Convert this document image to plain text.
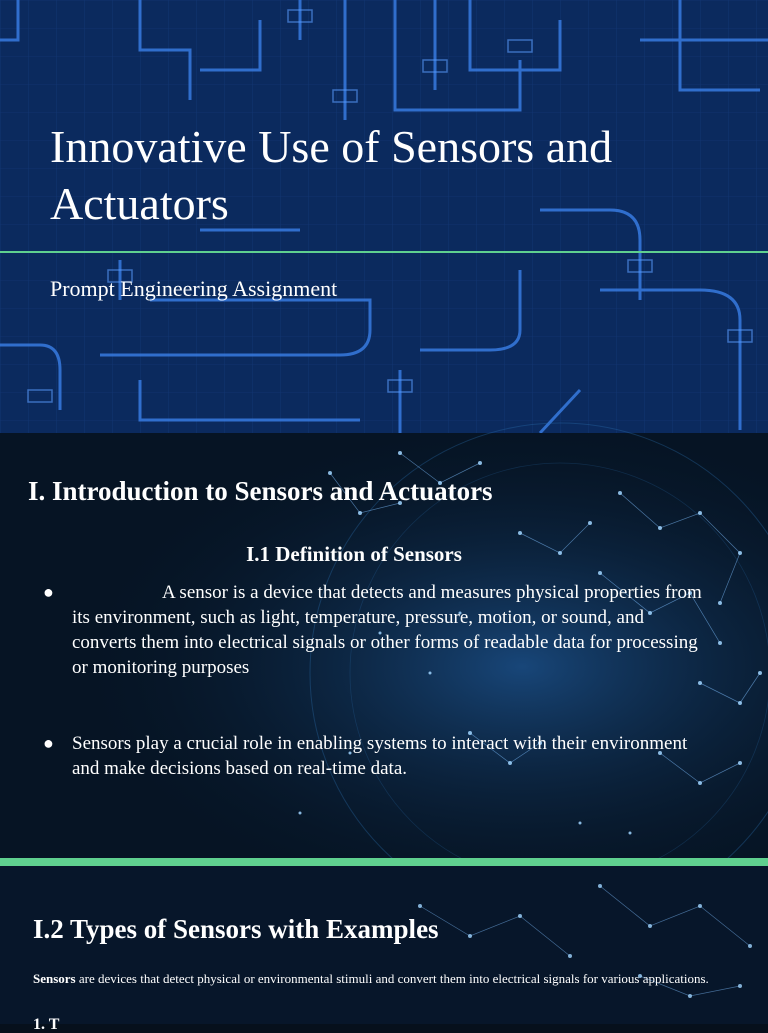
Innovative Use of Sensors and Actuators
Prompt Engineering Assignment
I. Introduction to Sensors and Actuators
I.1 Definition of Sensors
●	A sensor is a device that detects and measures physical properties from its environment, such as light, temperature, pressure, motion, or sound, and converts them into electrical signals or other forms of readable data for processing or monitoring purposes
● Sensors play a crucial role in enabling systems to interact with their environment and make decisions based on real-time data.
I.2 Types of Sensors with Examples

Sensors are devices that detect physical or environmental stimuli and convert them into electrical signals for various applications.

1. T
